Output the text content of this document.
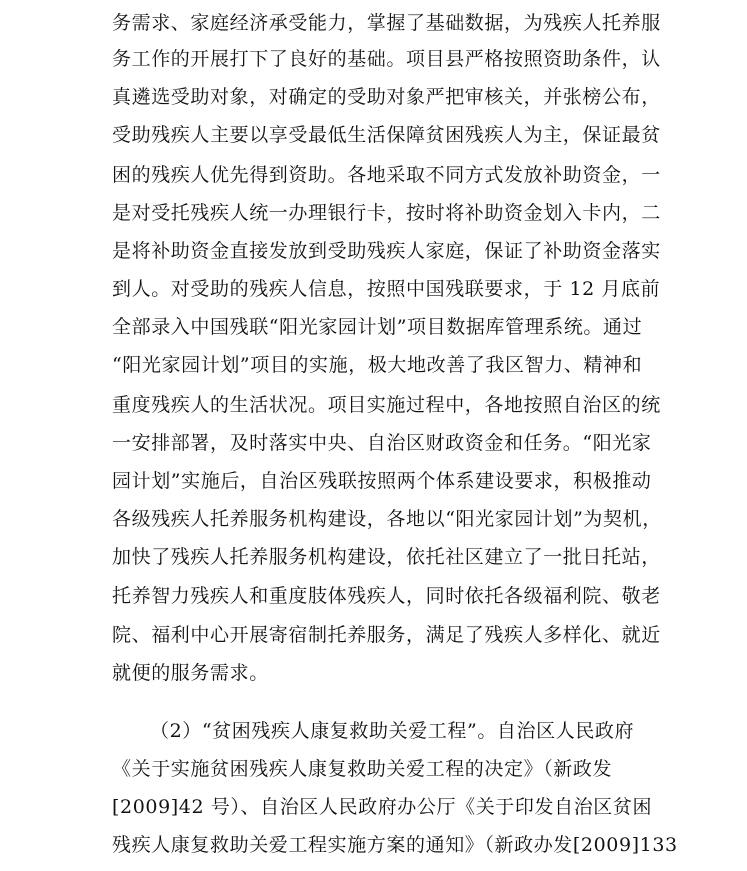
务需求、家庭经济承受能力，掌握了基础数据，为残疾人托养服
务工作的开展打下了良好的基础。项目县严格按照资助条件，认
真遴选受助对象，对确定的受助对象严把审核关，并张榜公布，
受助残疾人主要以享受最低生活保障贫困残疾人为主，保证最贫
困的残疾人优先得到资助。各地采取不同方式发放补助资金，一
是对受托残疾人统一办理银行卡，按时将补助资金划入卡内，二
是将补助资金直接发放到受助残疾人家庭，保证了补助资金落实
到人。对受助的残疾人信息，按照中国残联要求，于 12 月底前
全部录入中国残联“阳光家园计划”项目数据库管理系统。通过
“阳光家园计划”项目的实施，极大地改善了我区智力、精神和
重度残疾人的生活状况。项目实施过程中，各地按照自治区的统
一安排部署，及时落实中央、自治区财政资金和任务。“阳光家
园计划”实施后，自治区残联按照两个体系建设要求，积极推动
各级残疾人托养服务机构建设，各地以“阳光家园计划”为契机，
加快了残疾人托养服务机构建设，依托社区建立了一批日托站，
托养智力残疾人和重度肢体残疾人，同时依托各级福利院、敬老
院、福利中心开展寄宿制托养服务，满足了残疾人多样化、就近
就便的服务需求。
（2）“贫困残疾人康复救助关爱工程”。自治区人民政府
《关于实施贫困残疾人康复救助关爱工程的决定》（新政发
[2009]42 号）、自治区人民政府办公厅《关于印发自治区贫困
残疾人康复救助关爱工程实施方案的通知》（新政办发[2009]133
